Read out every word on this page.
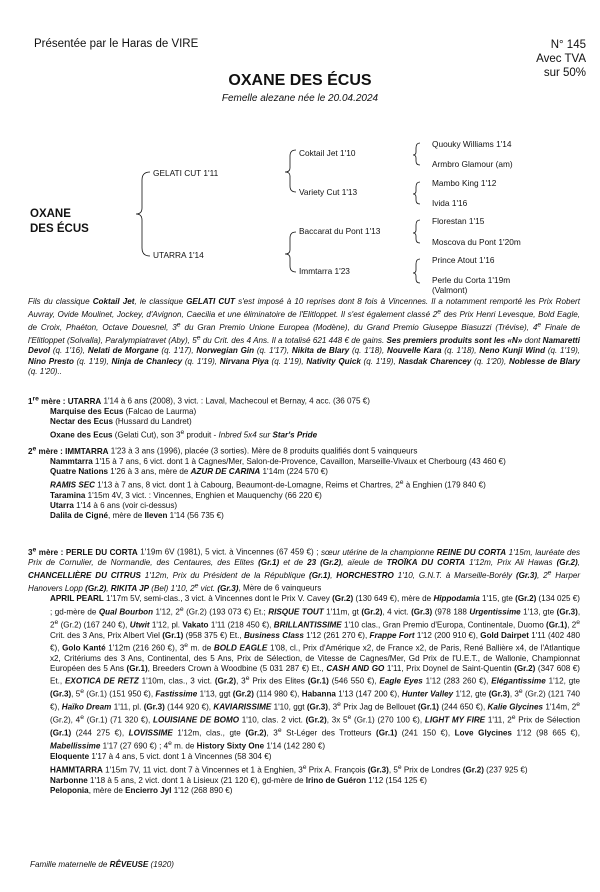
Présentée par le Haras de VIRE	N° 145
Avec TVA
sur 50%
OXANE DES ÉCUS
Femelle alezane née le 20.04.2024
OXANE
DES ÉCUS
GELATI CUT 1'11
UTARRA 1'14
Coktail Jet 1'10
Variety Cut 1'13
Baccarat du Pont 1'13
Immtarra 1'23
Quouky Williams 1'14
Armbro Glamour (am)
Mambo King 1'12
Ivida 1'16
Florestan 1'15
Moscova du Pont 1'20m
Prince Atout 1'16
Perle du Corta 1'19m
(Valmont)
Fils du classique Coktail Jet, le classique GELATI CUT s'est imposé à 10 reprises dont 8 fois à Vincennes. Il a notamment remporté les Prix Robert Auvray, Ovide Moulinet, Jockey, d'Avignon, Caecilia et une éliminatoire de l'Elitloppet. Il s'est également classé 2e des Prix Henri Levesque, Bold Eagle, de Croix, Phaéton, Octave Douesnel, 3e du Gran Premio Unione Europea (Modène), du Grand Premio Giuseppe Biasuzzi (Trévise), 4e Finale de l'Elitloppet (Solvalla), Paralympiatravet (Aby), 5e du Crit. des 4 Ans. Il a totalisé 621 448 € de gains. Ses premiers produits sont les «N» dont Namaretti Devol (q. 1'16), Nelati de Morgane (q. 1'17), Norwegian Gin (q. 1'17), Nikita de Blary (q. 1'18), Nouvelle Kara (q. 1'18), Neno Kunji Wind (q. 1'19), Nino Presto (q. 1'19), Ninja de Chanlecy (q. 1'19), Nirvana Piya (q. 1'19), Nativity Quick (q. 1'19), Nasdak Charencey (q. 1'20), Noblesse de Blary (q. 1'20)..
1re mère : UTARRA 1'14 à 6 ans (2008), 3 vict. : Laval, Machecoul et Bernay, 4 acc. (36 075 €)
Marquise des Ecus (Falcao de Laurma)
Nectar des Ecus (Hussard du Landret)
Oxane des Ecus (Gelati Cut), son 3e produit - Inbred 5x4 sur Star's Pride
2e mère : IMMTARRA 1'23 à 3 ans (1996), placée (3 sorties). Mère de 8 produits qualifiés dont 5 vainqueurs
Nammtarra 1'15 à 7 ans, 6 vict. dont 1 à Cagnes/Mer, Salon-de-Provence, Cavaillon, Marseille-Vivaux et Cherbourg (43 460 €)
Quatre Nations 1'26 à 3 ans, mère de AZUR DE CARINA 1'14m (224 570 €)
RAMIS SEC 1'13 à 7 ans, 8 vict. dont 1 à Cabourg, Beaumont-de-Lomagne, Reims et Chartres, 2e à Enghien (179 840 €)
Taramina 1'15m 4V, 3 vict. : Vincennes, Enghien et Mauquenchy (66 220 €)
Utarra 1'14 à 6 ans (voir ci-dessus)
Dalila de Cigné, mère de Ileven 1'14 (56 735 €)
3e mère : PERLE DU CORTA 1'19m 6V (1981), 5 vict. à Vincennes (67 459 €) ; sœur utérine de la championne REINE DU CORTA 1'15m, lauréate des Prix de Cornulier, de Normandie, des Centaures, des Elites (Gr.1) et de 23 (Gr.2), aïeule de TROÏKA DU CORTA 1'12m, Prix Ali Hawas (Gr.2), CHANCELLIÈRE DU CITRUS 1'12m, Prix du Président de la République (Gr.1), HORCHESTRO 1'10, G.N.T. à Marseille-Borély (Gr.3), 2e Harper Hanovers Lopp (Gr.2), RIKITA JP (Bel) 1'10, 2e vict. (Gr.3), Mère de 6 vainqueurs
APRIL PEARL 1'17m 5V, semi-clas., 3 vict. à Vincennes dont le Prix V. Cavey (Gr.2) (130 649 €), mère de Hippodamia 1'15, gte (Gr.2) (134 025 €) ; gd-mère de Qual Bourbon 1'12, 2e (Gr.2) (193 073 €) Et.; RISQUE TOUT 1'11m, gt (Gr.2), 4 vict. (Gr.3) (978 188 Urgentissime 1'13, gte (Gr.3), 2e (Gr.2) (167 240 €), Utwit 1'12, pl. Vakato 1'11 (218 450 €), BRILLANTISSIME 1'10 clas., Gran Premio d'Europa, Continentale, Duomo (Gr.1), 2e Crit. des 3 Ans, Prix Albert Viel (Gr.1) (958 375 €) Et., Business Class 1'12 (261 270 €), Frappe Fort 1'12 (200 910 €), Gold Dairpet 1'11 (402 480 €), Golo Kanté 1'12m (216 260 €), 3e m. de BOLD EAGLE 1'08, cl., Prix d'Amérique x2, de France x2, de Paris, René Ballière x4, de l'Atlantique x2, Critériums des 3 Ans, Continental, des 5 Ans, Prix de Sélection, de Vitesse de Cagnes/Mer, Gd Prix de l'U.E.T., de Wallonie, Championnat Européen des 5 Ans (Gr.1), Breeders Crown à Woodbine (5 031 287 €) Et., CASH AND GO 1'11, Prix Doynel de Saint-Quentin (Gr.2) (347 608 €) Et., EXOTICA DE RETZ 1'10m, clas., 3 vict. (Gr.2), 3e Prix des Elites (Gr.1) (546 550 €), Eagle Eyes 1'12 (283 260 €), Elégantissime 1'12, gte (Gr.3), 5e (Gr.1) (151 950 €), Fastissime 1'13, ggt (Gr.2) (114 980 €), Habanna 1'13 (147 200 €), Hunter Valley 1'12, gte (Gr.3), 3e (Gr.2) (121 740 €), Haïko Dream 1'11, pl. (Gr.3) (144 920 €), KAVIARISSIME 1'10, ggt (Gr.3), 3e Prix Jag de Bellouet (Gr.1) (244 650 €), Kalie Glycines 1'14m, 2e (Gr.2), 4e (Gr.1) (71 320 €), LOUISIANE DE BOMO 1'10, clas. 2 vict. (Gr.2), 3x 5e (Gr.1) (270 100 €), LIGHT MY FIRE 1'11, 2e Prix de Sélection (Gr.1) (244 275 €), LOVISSIME 1'12m, clas., gte (Gr.2), 3e St-Léger des Trotteurs (Gr.1) (241 150 €), Love Glycines 1'12 (98 665 €), Mabellissime 1'17 (27 690 €) ; 4e m. de History Sixty One 1'14 (142 280 €)
Eloquente 1'17 à 4 ans, 5 vict. dont 1 à Vincennes (58 304 €)
HAMMTARRA 1'15m 7V, 11 vict. dont 7 à Vincennes et 1 à Enghien, 3e Prix A. François (Gr.3), 5e Prix de Londres (Gr.2) (237 925 €)
Narbonne 1'18 à 5 ans, 2 vict. dont 1 à Lisieux (21 120 €), gd-mère de Irino de Guéron 1'12 (154 125 €)
Peloponia, mère de Encierro Jyl 1'12 (268 890 €)
Famille maternelle de RÊVEUSE (1920)
